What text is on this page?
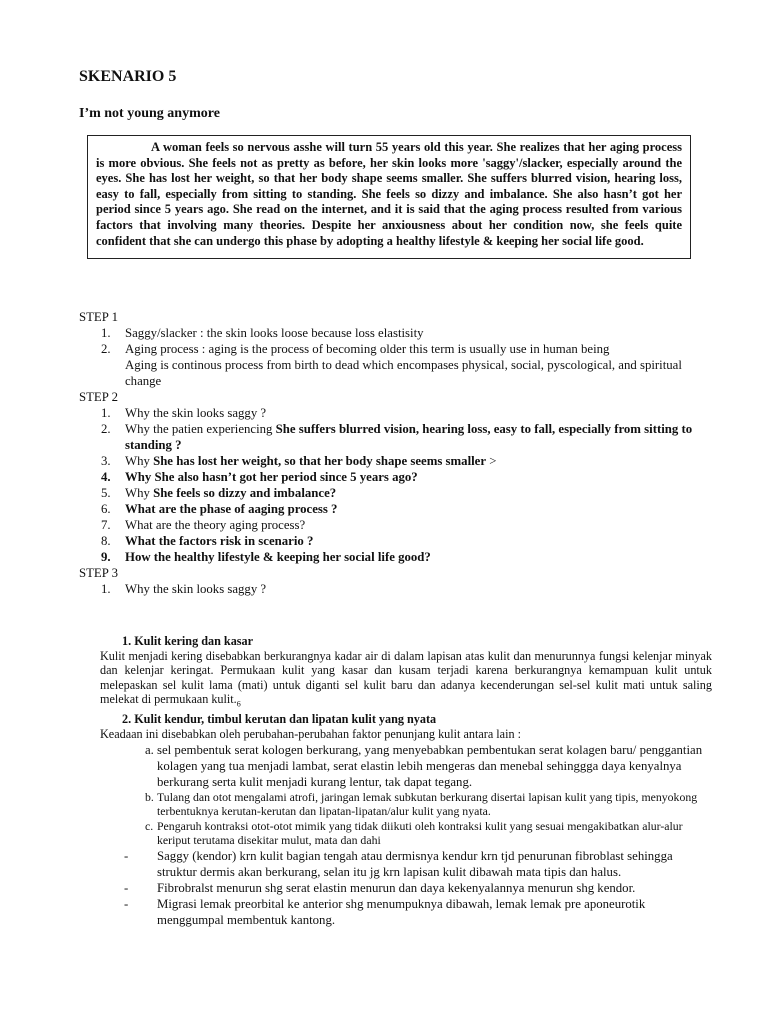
SKENARIO 5
I’m not young anymore
A woman feels so nervous asshe will turn 55 years old this year. She realizes that her aging process is more obvious. She feels not as pretty as before, her skin looks more 'saggy'/slacker, especially around the eyes. She has lost her weight, so that her body shape seems smaller. She suffers blurred vision, hearing loss, easy to fall, especially from sitting to standing. She feels so dizzy and imbalance. She also hasn’t got her period since 5 years ago. She read on the internet, and it is said that the aging process resulted from various factors that involving many theories. Despite her anxiousness about her condition now, she feels quite confident that she can undergo this phase by adopting a healthy lifestyle & keeping her social life good.
STEP 1
1. Saggy/slacker : the skin looks loose because loss elastisity
2. Aging process : aging is the process of becoming older this term is usually use in human being
Aging is continous process from birth to dead which encompases physical, social, pyscological, and spiritual change
STEP 2
1. Why the skin looks saggy ?
2. Why the patien experiencing She suffers blurred vision, hearing loss, easy to fall, especially from sitting to standing ?
3. Why She has lost her weight, so that her body shape seems smaller >
4. Why She also hasn’t got her period since 5 years ago?
5. Why She feels so dizzy and imbalance?
6. What are the phase of aaging process ?
7. What are the theory aging process?
8. What the factors risk in scenario ?
9. How the healthy lifestyle & keeping her social life good?
STEP 3
1. Why the skin looks saggy ?
1. Kulit kering dan kasar
Kulit menjadi kering disebabkan berkurangnya kadar air di dalam lapisan atas kulit dan menurunnya fungsi kelenjar minyak dan kelenjar keringat. Permukaan kulit yang kasar dan kusam terjadi karena berkurangnya kemampuan kulit untuk melepaskan sel kulit lama (mati) untuk diganti sel kulit baru dan adanya kecenderungan sel-sel kulit mati untuk saling melekat di permukaan $kulit._6$
2. Kulit kendur, timbul kerutan dan lipatan kulit yang nyata
Keadaan ini disebabkan oleh perubahan-perubahan faktor penunjang kulit antara lain :
a. sel pembentuk serat kologen berkurang, yang menyebabkan pembentukan serat kolagen baru/ penggantian kolagen yang tua menjadi lambat, serat elastin lebih mengeras dan menebal sehinggga daya kenyalnya berkurang serta kulit menjadi kurang lentur, tak dapat tegang.
b. Tulang dan otot mengalami atrofi, jaringan lemak subkutan berkurang disertai lapisan kulit yang tipis, menyokong terbentuknya kerutan-kerutan dan lipatan-lipatan/alur kulit yang nyata.
c. Pengaruh kontraksi otot-otot mimik yang tidak diikuti oleh kontraksi kulit yang sesuai mengakibatkan alur-alur keriput terutama disekitar mulut, mata dan dahi
- Saggy (kendor) krn kulit bagian tengah atau dermisnya kendur krn tjd penurunan fibroblast sehingga struktur dermis akan berkurang, selan itu jg krn lapisan kulit dibawah mata tipis dan halus.
- Fibrobralst menurun shg serat elastin menurun dan daya kekenyalannya menurun shg kendor.
- Migrasi lemak preorbital ke anterior shg menumpuknya dibawah, lemak lemak pre aponeurotik menggumpal membentuk kantong.
